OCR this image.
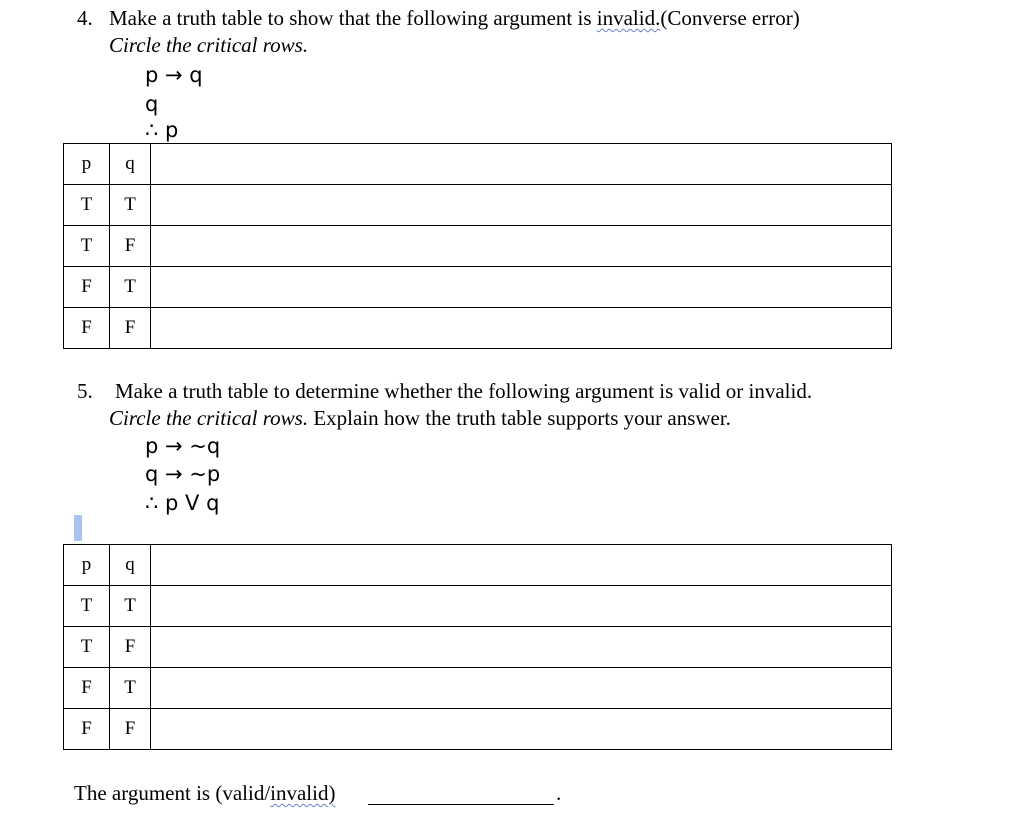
4. Make a truth table to show that the following argument is invalid.(Converse error)
Circle the critical rows.
p → q
q
∴ p
p	q	
T	T	
T	F	
F	T	
F	F	
5. Make a truth table to determine whether the following argument is valid or invalid.
Circle the critical rows. Explain how the truth table supports your answer.
p → ~q
q → ~p
∴ p V q
p	q	
T	T	
T	F	
F	T	
F	F	
The argument is (valid/invalid)	.
